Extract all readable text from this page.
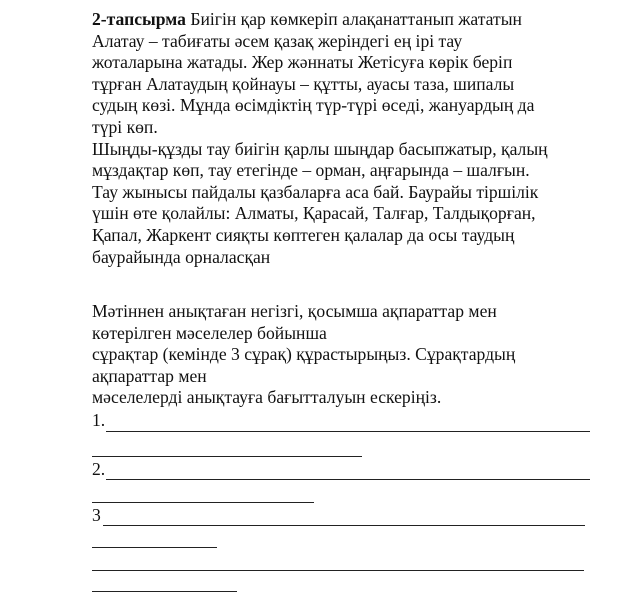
2-тапсырма Биігін қар көмкеріп алақанаттанып жататын
Алатау – табиғаты әсем қазақ жеріндегі ең ірі тау
жоталарына жатады. Жер жәннаты Жетісуға көрік беріп
тұрған Алатаудың қойнауы – құтты, ауасы таза, шипалы
судың көзі. Мұнда өсімдіктің түр-түрі өседі, жануардың да
түрі көп.
Шыңды-құзды тау биігін қарлы шыңдар басыпжатыр, қалың
мұздақтар көп, тау етегінде – орман, аңғарында – шалғын.
Тау жынысы пайдалы қазбаларға аса бай. Баурайы тіршілік
үшін өте қолайлы: Алматы, Қарасай, Талғар, Талдықорған,
Қапал, Жаркент сияқты көптеген қалалар да осы таудың
баурайында орналасқан
Мәтіннен анықтаған негізгі, қосымша ақпараттар мен
көтерілген мәселелер бойынша
сұрақтар (кемінде 3 сұрақ) құрастырыңыз. Сұрақтардың
ақпараттар мен
мәселелерді анықтауға бағытталуын ескеріңіз.
1.
2.
3
